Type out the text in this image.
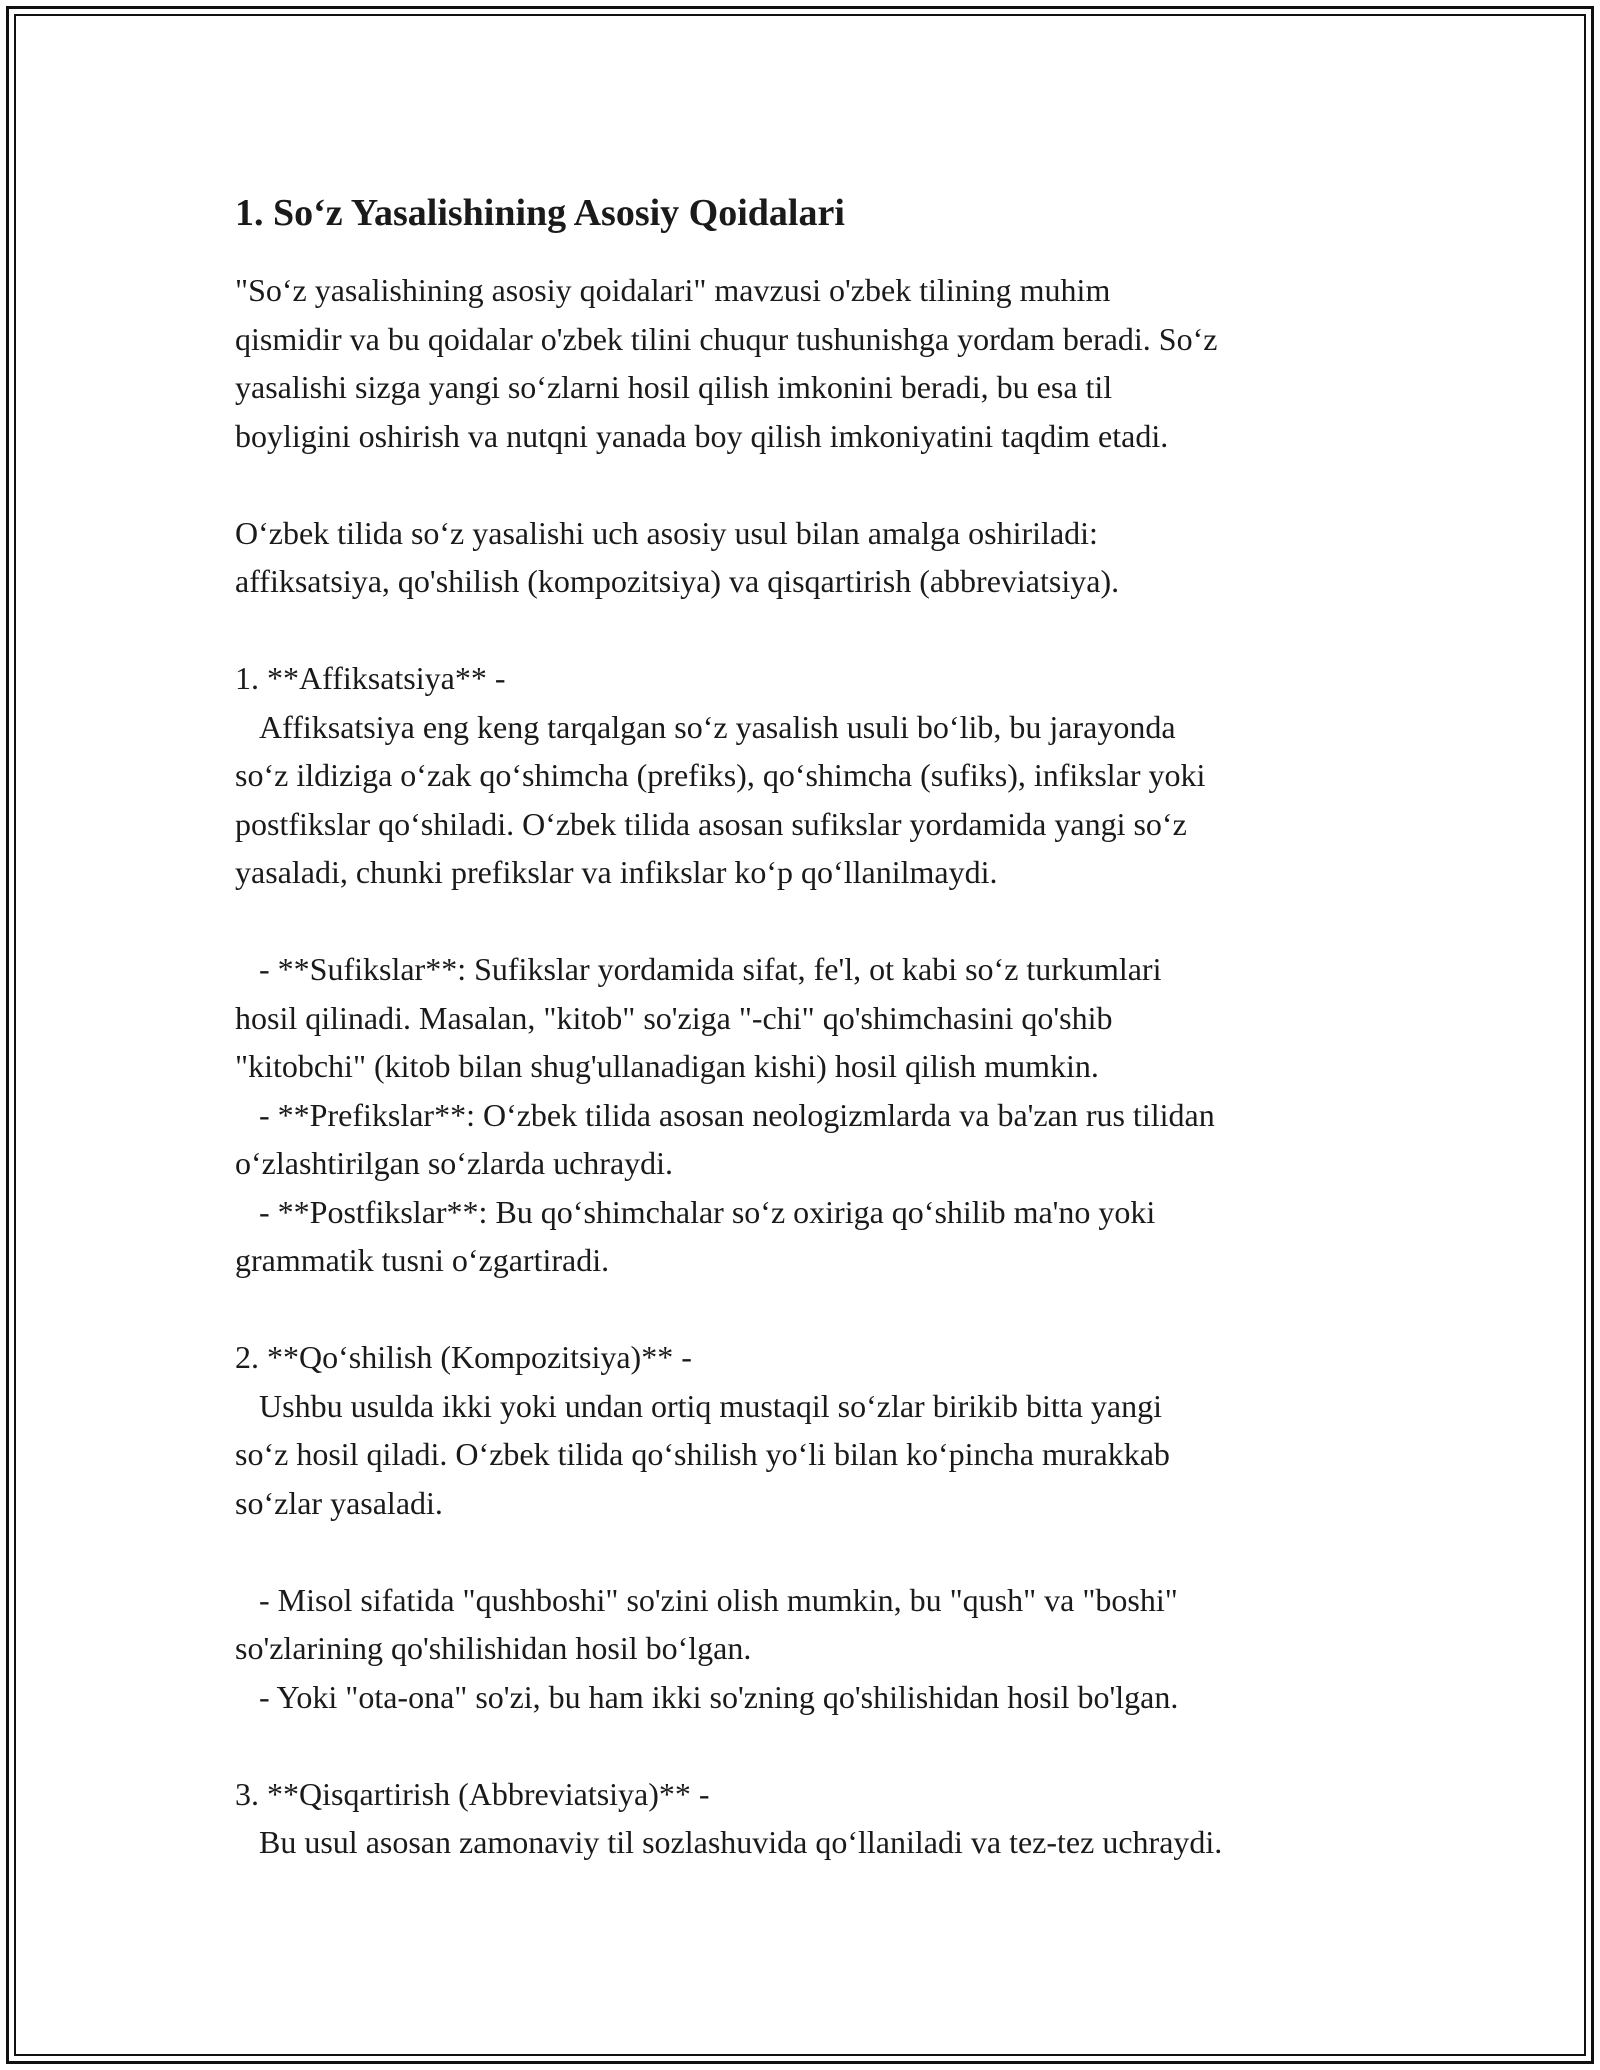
1. So‘z Yasalishining Asosiy Qoidalari

"So‘z yasalishining asosiy qoidalari" mavzusi o'zbek tilining muhim
qismidir va bu qoidalar o'zbek tilini chuqur tushunishga yordam beradi. So‘z
yasalishi sizga yangi so‘zlarni hosil qilish imkonini beradi, bu esa til
boyligini oshirish va nutqni yanada boy qilish imkoniyatini taqdim etadi.

O‘zbek tilida so‘z yasalishi uch asosiy usul bilan amalga oshiriladi:
affiksatsiya, qo'shilish (kompozitsiya) va qisqartirish (abbreviatsiya).

1. **Affiksatsiya** -
Affiksatsiya eng keng tarqalgan so‘z yasalish usuli bo‘lib, bu jarayonda
so‘z ildiziga o‘zak qo‘shimcha (prefiks), qo‘shimcha (sufiks), infikslar yoki
postfikslar qo‘shiladi. O‘zbek tilida asosan sufikslar yordamida yangi so‘z
yasaladi, chunki prefikslar va infikslar ko‘p qo‘llanilmaydi.

- **Sufikslar**: Sufikslar yordamida sifat, fe'l, ot kabi so‘z turkumlari
hosil qilinadi. Masalan, "kitob" so'ziga "-chi" qo'shimchasini qo'shib
"kitobchi" (kitob bilan shug'ullanadigan kishi) hosil qilish mumkin.
- **Prefikslar**: O‘zbek tilida asosan neologizmlarda va ba'zan rus tilidan
o‘zlashtirilgan so‘zlarda uchraydi.
- **Postfikslar**: Bu qo‘shimchalar so‘z oxiriga qo‘shilib ma'no yoki
grammatik tusni o‘zgartiradi.

2. **Qo‘shilish (Kompozitsiya)** -
Ushbu usulda ikki yoki undan ortiq mustaqil so‘zlar birikib bitta yangi
so‘z hosil qiladi. O‘zbek tilida qo‘shilish yo‘li bilan ko‘pincha murakkab
so‘zlar yasaladi.

- Misol sifatida "qushboshi" so'zini olish mumkin, bu "qush" va "boshi"
so'zlarining qo'shilishidan hosil bo‘lgan.
- Yoki "ota-ona" so'zi, bu ham ikki so'zning qo'shilishidan hosil bo'lgan.

3. **Qisqartirish (Abbreviatsiya)** -
Bu usul asosan zamonaviy til sozlashuvida qo‘llaniladi va tez-tez uchraydi.
